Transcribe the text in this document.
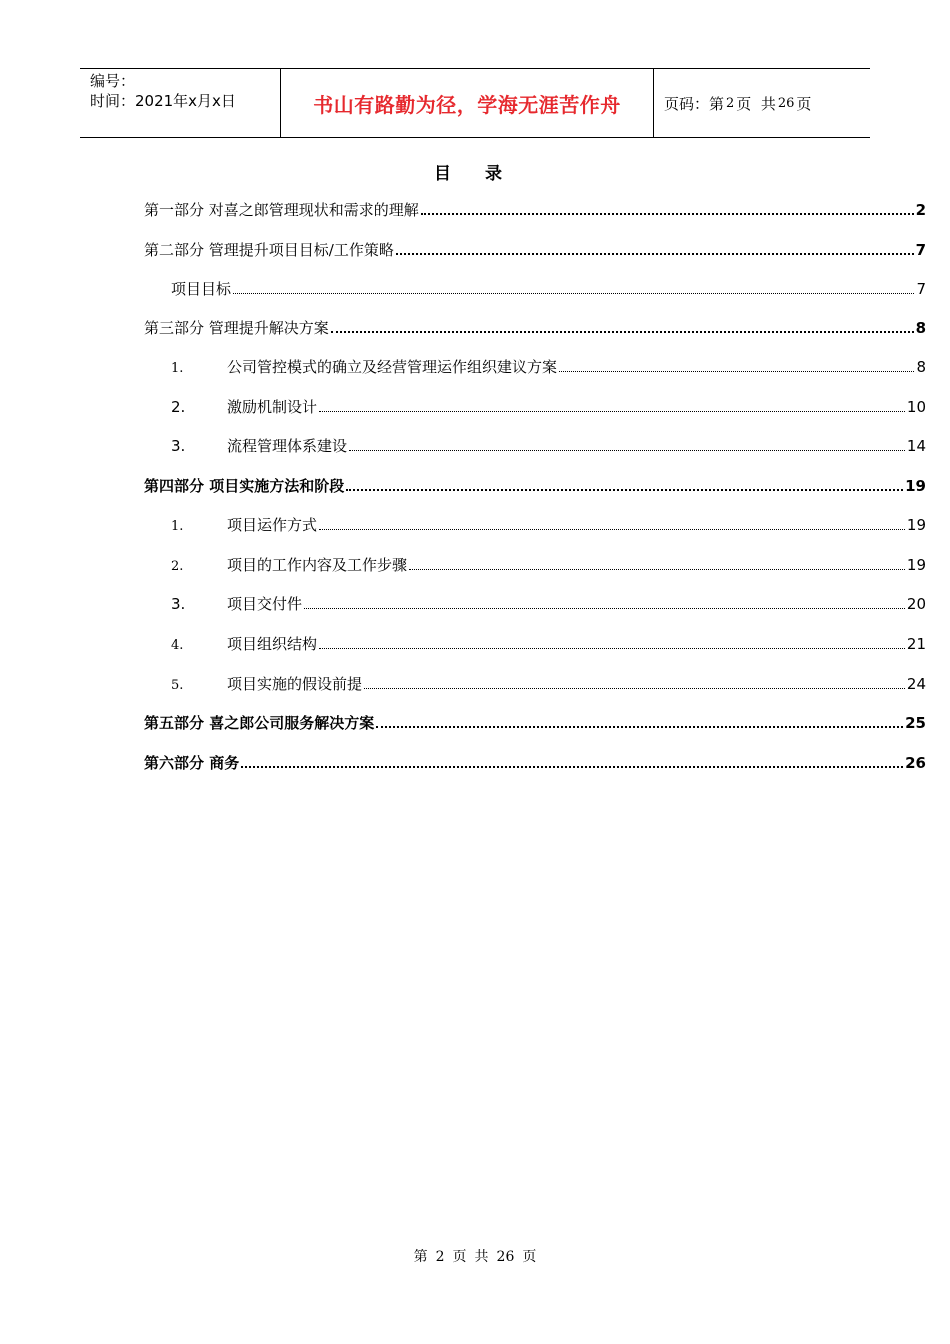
编号：
时间：2021年x月x日	书山有路勤为径，学海无涯苦作舟	页码：第 2 页  共 26 页
目 录
第一部分 对喜之郎管理现状和需求的理解	2
第二部分 管理提升项目目标/工作策略	7
项目目标	7
第三部分 管理提升解决方案	8
1.	公司管控模式的确立及经营管理运作组织建议方案	8
2.	激励机制设计	10
3.	流程管理体系建设	14
第四部分 项目实施方法和阶段	19
1.	项目运作方式	19
2.	项目的工作内容及工作步骤	19
3.	项目交付件	20
4.	项目组织结构	21
5.	项目实施的假设前提	24
第五部分 喜之郎公司服务解决方案	25
第六部分 商务	26
第 2 页 共 26 页
